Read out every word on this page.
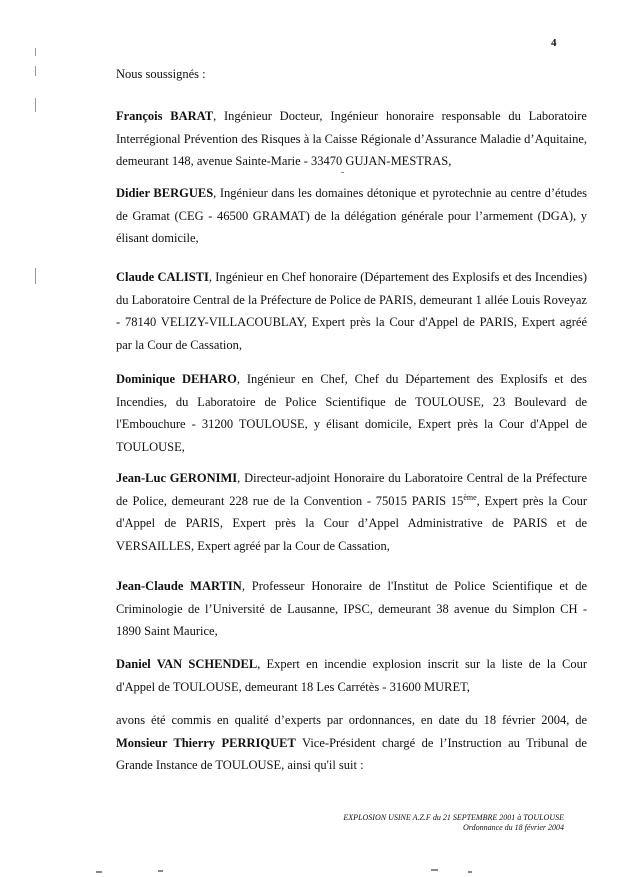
4
Nous soussignés :

François BARAT, Ingénieur Docteur, Ingénieur honoraire responsable du Laboratoire Interrégional Prévention des Risques à la Caisse Régionale d’Assurance Maladie d’Aquitaine, demeurant 148, avenue Sainte-Marie - 33470 GUJAN-MESTRAS,

Didier BERGUES, Ingénieur dans les domaines détonique et pyrotechnie au centre d’études de Gramat (CEG - 46500 GRAMAT) de la délégation générale pour l’armement (DGA), y élisant domicile,

Claude CALISTI, Ingénieur en Chef honoraire (Département des Explosifs et des Incendies) du Laboratoire Central de la Préfecture de Police de PARIS, demeurant 1 allée Louis Roveyaz - 78140 VELIZY-VILLACOUBLAY, Expert près la Cour d'Appel de PARIS, Expert agréé par la Cour de Cassation,

Dominique DEHARO, Ingénieur en Chef, Chef du Département des Explosifs et des Incendies, du Laboratoire de Police Scientifique de TOULOUSE, 23 Boulevard de l'Embouchure - 31200 TOULOUSE, y élisant domicile, Expert près la Cour d'Appel de TOULOUSE,

Jean-Luc GERONIMI, Directeur-adjoint Honoraire du Laboratoire Central de la Préfecture de Police, demeurant 228 rue de la Convention - 75015 PARIS 15ème, Expert près la Cour d'Appel de PARIS, Expert près la Cour d’Appel Administrative de PARIS et de VERSAILLES, Expert agréé par la Cour de Cassation,

Jean-Claude MARTIN, Professeur Honoraire de l'Institut de Police Scientifique et de Criminologie de l’Université de Lausanne, IPSC, demeurant 38 avenue du Simplon CH - 1890 Saint Maurice,

Daniel VAN SCHENDEL, Expert en incendie explosion inscrit sur la liste de la Cour d'Appel de TOULOUSE, demeurant 18 Les Carrétès - 31600 MURET,

avons été commis en qualité d’experts par ordonnances, en date du 18 février 2004, de Monsieur Thierry PERRIQUET Vice-Président chargé de l’Instruction au Tribunal de Grande Instance de TOULOUSE, ainsi qu'il suit :

EXPLOSION USINE A.Z.F du 21 SEPTEMBRE 2001 à TOULOUSE
Ordonnance du 18 février 2004
